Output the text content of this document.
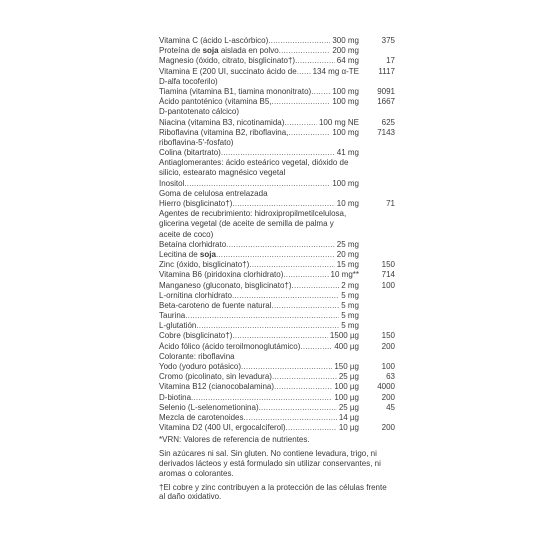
Vitamina C (ácido L-ascórbico) .....	300 mg	375
Proteína de soja aislada en polvo .....	200 mg
Magnesio (óxido, citrato, bisglicinato†) .....	64 mg	17
Vitamina E (200 UI, succinato ácido de .....	134 mg α-TE 1117
D-alfa tocoferilo)
Tiamina (vitamina B1, tiamina mononitrato) .....	100 mg 9091
Ácido pantoténico (vitamina B5, .....	100 mg 1667
D-pantotenato cálcico)
Niacina (vitamina B3, nicotinamida) .....	100 mg NE	625
Riboflavina (vitamina B2, riboflavina, .....	100 mg 7143
riboflavina-5'-fosfato)
Colina (bitartrato) .....	41 mg
Antiaglomerantes: ácido esteárico vegetal, dióxido de
silicio, estearato magnésico vegetal
Inositol .....	100 mg
Goma de celulosa entrelazada
Hierro (bisglicinato†) .....	10 mg	71
Agentes de recubrimiento: hidroxipropilmetilcelulosa,
glicerina vegetal (de aceite de semilla de palma y
aceite de coco)
Betaína clorhidrato .....	25 mg
Lecitina de soja .....	20 mg
Zinc (óxido, bisglicinato†) .....	15 mg	150
Vitamina B6 (piridoxina clorhidrato) .....	10 mg**	714
Manganeso (gluconato, bisglicinato†) .....	2 mg	100
L-ornitina clorhidrato .....	5 mg
Beta-caroteno de fuente natural .....	5 mg
Taurina .....	5 mg
L-glutatión .....	5 mg
Cobre (bisglicinato†) .....	1500 µg	150
Ácido fólico (ácido teroilmonoglutámico) .....	400 µg	200
Colorante: riboflavina
Yodo (yoduro potásico) .....	150 µg	100
Cromo (picolinato, sin levadura) .....	25 µg	63
Vitamina B12 (cianocobalamina) .....	100 µg 4000
D-biotina .....	100 µg	200
Selenio (L-selenometionina) .....	25 µg	45
Mezcla de carotenoides .....	14 µg
Vitamina D2 (400 UI, ergocalciferol) .....	10 µg	200
*VRN: Valores de referencia de nutrientes.
Sin azúcares ni sal. Sin gluten. No contiene levadura, trigo, ni derivados lácteos y está formulado sin utilizar conservantes, ni aromas o colorantes.
†El cobre y zinc contribuyen a la protección de las células frente al daño oxidativo.
